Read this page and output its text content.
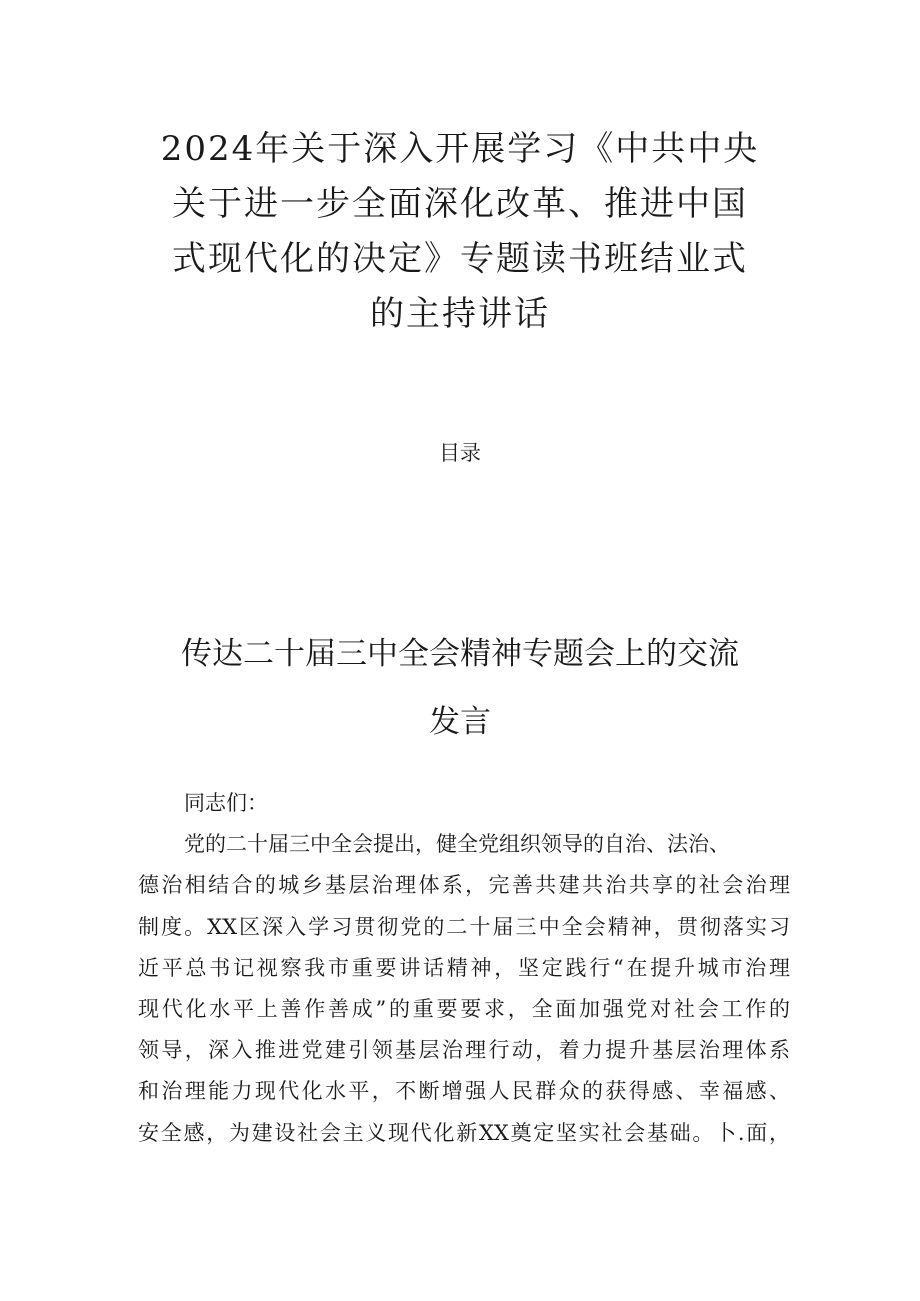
2024年关于深入开展学习《中共中央
关于进一步全面深化改革、推进中国
式现代化的决定》专题读书班结业式
的主持讲话
目录
传达二十届三中全会精神专题会上的交流
发言
同志们：
党的二十届三中全会提出，健全党组织领导的自治、法治、
德治相结合的城乡基层治理体系，完善共建共治共享的社会治理
制度。XX区深入学习贯彻党的二十届三中全会精神，贯彻落实习
近平总书记视察我市重要讲话精神，坚定践行“在提升城市治理
现代化水平上善作善成”的重要要求，全面加强党对社会工作的
领导，深入推进党建引领基层治理行动，着力提升基层治理体系
和治理能力现代化水平，不断增强人民群众的获得感、幸福感、
安全感，为建设社会主义现代化新XX奠定坚实社会基础。卜.面，
